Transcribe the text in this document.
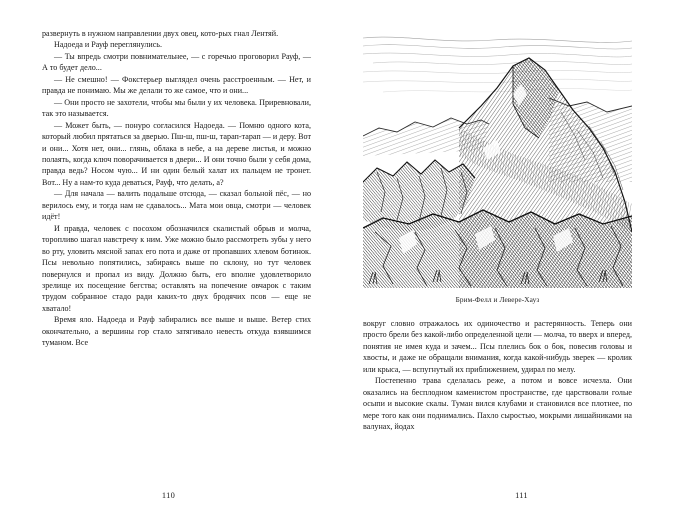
развернуть в нужном направлении двух овец, кото-рых гнал Лентяй.

Надоеда и Рауф переглянулись.

— Ты впредь смотри повнимательнее, — с горечью проговорил Рауф, — А то будет дело...

— Не смешно! — Фокстерьер выглядел очень расстроенным. — Нет, и правда не понимаю. Мы же делали то же самое, что и они...

— Они просто не захотели, чтобы мы были у их человека. Приревновали, так это называется.

— Может быть, — понуро согласился Надоеда. — Помню одного кота, который любил прятаться за дверью. Пш-ш, пш-ш, тарап-тарап — и деру. Вот и они... Хотя нет, они... глянь, облака в небе, а на дереве листья, и можно полаять, когда ключ поворачивается в двери... И они точно были у себя дома, правда ведь? Носом чую... И ни один белый халат их пальцем не тронет. Вот... Ну а нам-то куда деваться, Рауф, что делать, а?

— Для начала — валить подальше отсюда, — сказал больной пёс, — но верилось ему, и тогда нам не сдавалось... Мата мои овца, смотри — человек идёт!

И правда, человек с посохом обозначился скалистый обрыв и молча, торопливо шагал навстречу к ним. Уже можно было рассмотреть зубы у него во рту, уловить мясной запах его пота и даже от пропавших хлевом ботинок. Псы невольно попятились, забираясь выше по склону, но тут человек повернулся и пропал из виду. Должно быть, его вполне удовлетворило зрелище их посещение бегства; оставлять на попечение овчарок с таким трудом собранное стадо ради каких-то двух бродячих псов — еще не хватало!

Время яло. Надоеда и Рауф забирались все выше и выше. Ветер стих окончательно, а вершины гор стало затягивало невесть откуда взявшимся туманом. Все

110
Брим-Фелл и Левере-Хауз

вокруг словно отражалось их одиночество и растерянность. Теперь они просто брели без какой-либо определенной цели — молча, то вверх и вперед, понятия не имея куда и зачем... Псы плелись бок о бок, повесив головы и хвосты, и даже не обращали внимания, когда какой-нибудь зверек — кролик или крыса, — вспугнутый их приближением, удирал по мелу.

Постепенно трава сделалась реже, а потом и вовсе исчезла. Они оказались на бесплодном каменистом пространстве, где царствовали голые осыпи и высокие скалы. Туман вился клубами и становился все плотнее, по мере того как они поднимались. Пахло сыростью, мокрыми лишайниками на валунах, йодах

111
